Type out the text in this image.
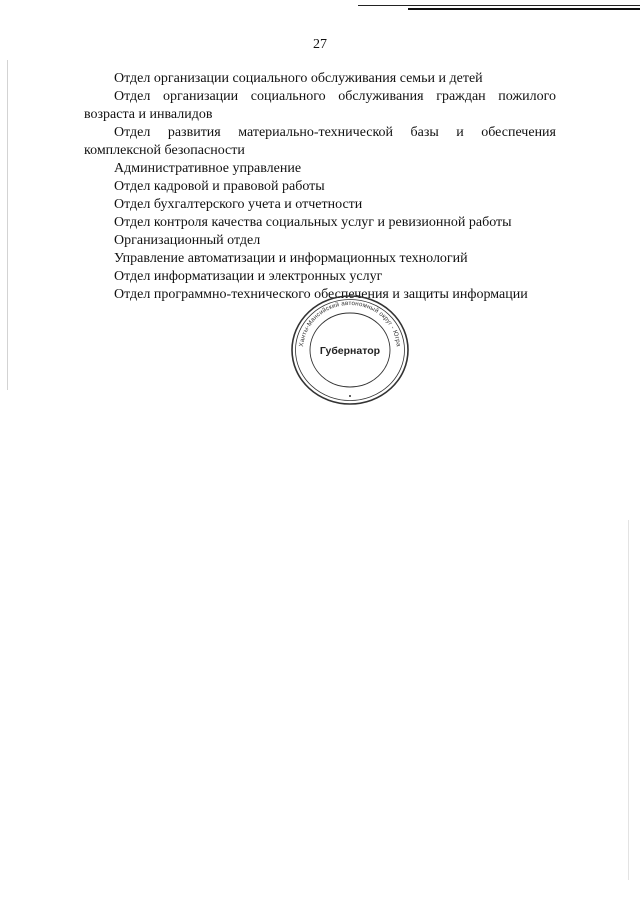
27

Отдел организации социального обслуживания семьи и детей

Отдел организации социального обслуживания граждан пожилого возраста и инвалидов

Отдел развития материально-технической базы и обеспечения комплексной безопасности

Административное управление

Отдел кадровой и правовой работы

Отдел бухгалтерского учета и отчетности

Отдел контроля качества социальных услуг и ревизионной работы

Организационный отдел

Управление автоматизации и информационных технологий

Отдел информатизации и электронных услуг

Отдел программно-технического обеспечения и защиты информации

Ханты-Мансийский автономный округ - Югра
Губернатор
